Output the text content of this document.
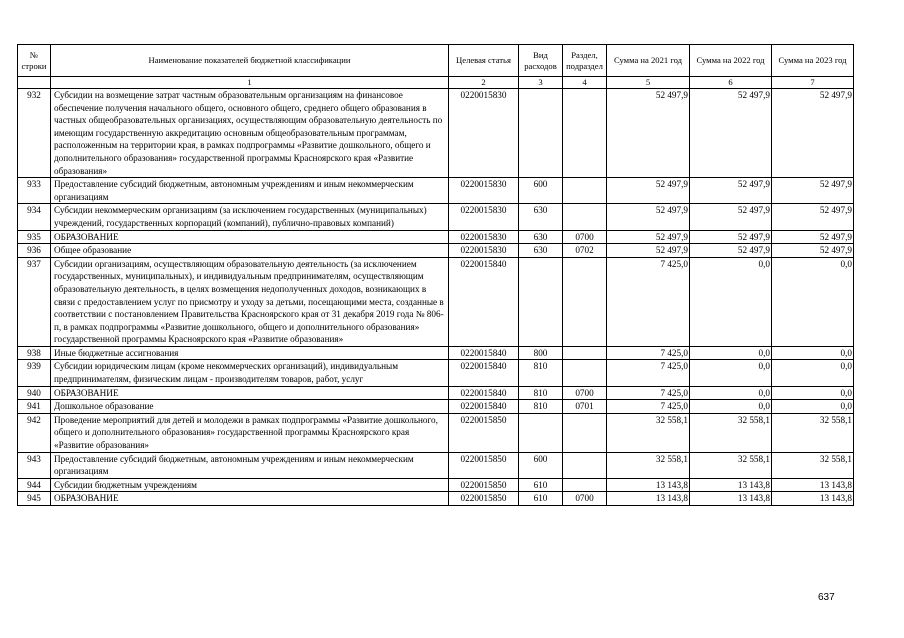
№ строки	Наименование показателей бюджетной классификации	Целевая статья	Вид расходов	Раздел, подраздел	Сумма на 2021 год	Сумма на 2022 год	Сумма на 2023 год
	1	2	3	4	5	6	7
932	Субсидии на возмещение затрат частным образовательным организациям на финансовое обеспечение получения начального общего, основного общего, среднего общего образования в частных общеобразовательных организациях, осуществляющим образовательную деятельность по имеющим государственную аккредитацию основным общеобразовательным программам, расположенным на территории края, в рамках подпрограммы «Развитие дошкольного, общего и дополнительного образования» государственной программы Красноярского края «Развитие образования»	0220015830			52 497,9	52 497,9	52 497,9
933	Предоставление субсидий бюджетным, автономным учреждениям и иным некоммерческим организациям	0220015830	600		52 497,9	52 497,9	52 497,9
934	Субсидии некоммерческим организациям (за исключением государственных (муниципальных) учреждений, государственных корпораций (компаний), публично-правовых компаний)	0220015830	630		52 497,9	52 497,9	52 497,9
935	ОБРАЗОВАНИЕ	0220015830	630	0700	52 497,9	52 497,9	52 497,9
936	Общее образование	0220015830	630	0702	52 497,9	52 497,9	52 497,9
937	Субсидии организациям, осуществляющим образовательную деятельность (за исключением государственных, муниципальных), и индивидуальным предпринимателям, осуществляющим образовательную деятельность, в целях возмещения недополученных доходов, возникающих в связи с предоставлением услуг по присмотру и уходу за детьми, посещающими места, созданные в соответствии с постановлением Правительства Красноярского края от 31 декабря 2019 года № 806-п, в рамках подпрограммы «Развитие дошкольного, общего и дополнительного образования» государственной программы Красноярского края «Развитие образования»	0220015840			7 425,0	0,0	0,0
938	Иные бюджетные ассигнования	0220015840	800		7 425,0	0,0	0,0
939	Субсидии юридическим лицам (кроме некоммерческих организаций), индивидуальным предпринимателям, физическим лицам - производителям товаров, работ, услуг	0220015840	810		7 425,0	0,0	0,0
940	ОБРАЗОВАНИЕ	0220015840	810	0700	7 425,0	0,0	0,0
941	Дошкольное образование	0220015840	810	0701	7 425,0	0,0	0,0
942	Проведение мероприятий для детей и молодежи в рамках подпрограммы «Развитие дошкольного, общего и дополнительного образования» государственной программы Красноярского края «Развитие образования»	0220015850			32 558,1	32 558,1	32 558,1
943	Предоставление субсидий бюджетным, автономным учреждениям и иным некоммерческим организациям	0220015850	600		32 558,1	32 558,1	32 558,1
944	Субсидии бюджетным учреждениям	0220015850	610		13 143,8	13 143,8	13 143,8
945	ОБРАЗОВАНИЕ	0220015850	610	0700	13 143,8	13 143,8	13 143,8
637
